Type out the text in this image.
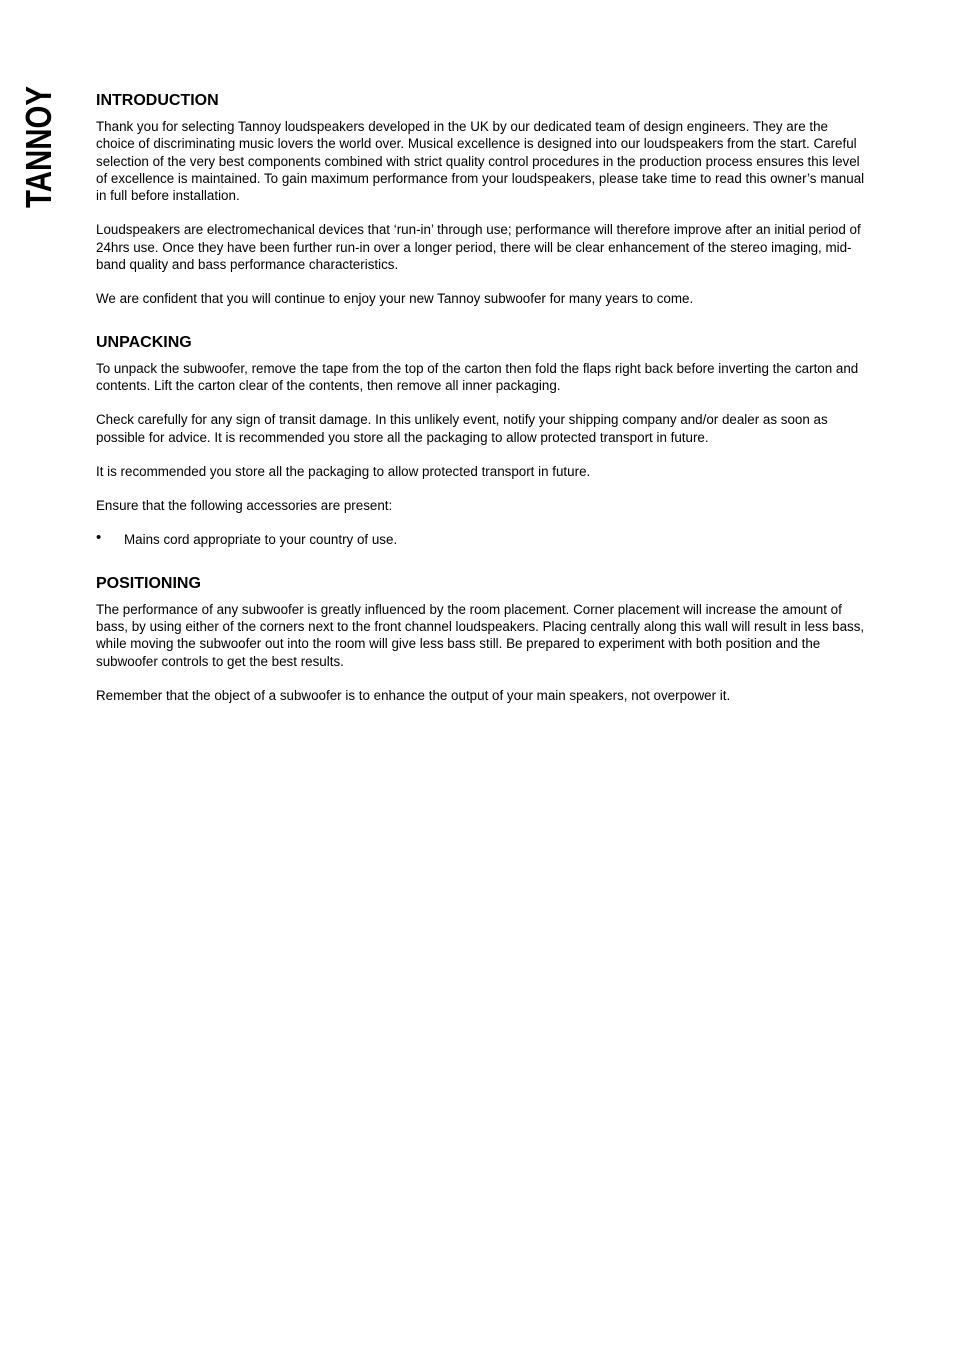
TANNOY INTRODUCTION

Thank you for selecting Tannoy loudspeakers developed in the UK by our dedicated team of design engineers. They are the choice of discriminating music lovers the world over. Musical excellence is designed into our loudspeakers from the start. Careful selection of the very best components combined with strict quality control procedures in the production process ensures this level of excellence is maintained. To gain maximum performance from your loudspeakers, please take time to read this owner’s manual in full before installation.

Loudspeakers are electromechanical devices that ‘run-in’ through use; performance will therefore improve after an initial period of 24hrs use. Once they have been further run-in over a longer period, there will be clear enhancement of the stereo imaging, mid-band quality and bass performance characteristics.

We are confident that you will continue to enjoy your new Tannoy subwoofer for many years to come.

UNPACKING

To unpack the subwoofer, remove the tape from the top of the carton then fold the flaps right back before inverting the carton and contents. Lift the carton clear of the contents, then remove all inner packaging.

Check carefully for any sign of transit damage. In this unlikely event, notify your shipping company and/or dealer as soon as possible for advice. It is recommended you store all the packaging to allow protected transport in future.

It is recommended you store all the packaging to allow protected transport in future.

Ensure that the following accessories are present:

• Mains cord appropriate to your country of use.
POSITIONING

The performance of any subwoofer is greatly influenced by the room placement. Corner placement will increase the amount of bass, by using either of the corners next to the front channel loudspeakers. Placing centrally along this wall will result in less bass, while moving the subwoofer out into the room will give less bass still. Be prepared to experiment with both position and the subwoofer controls to get the best results.

Remember that the object of a subwoofer is to enhance the output of your main speakers, not overpower it.
